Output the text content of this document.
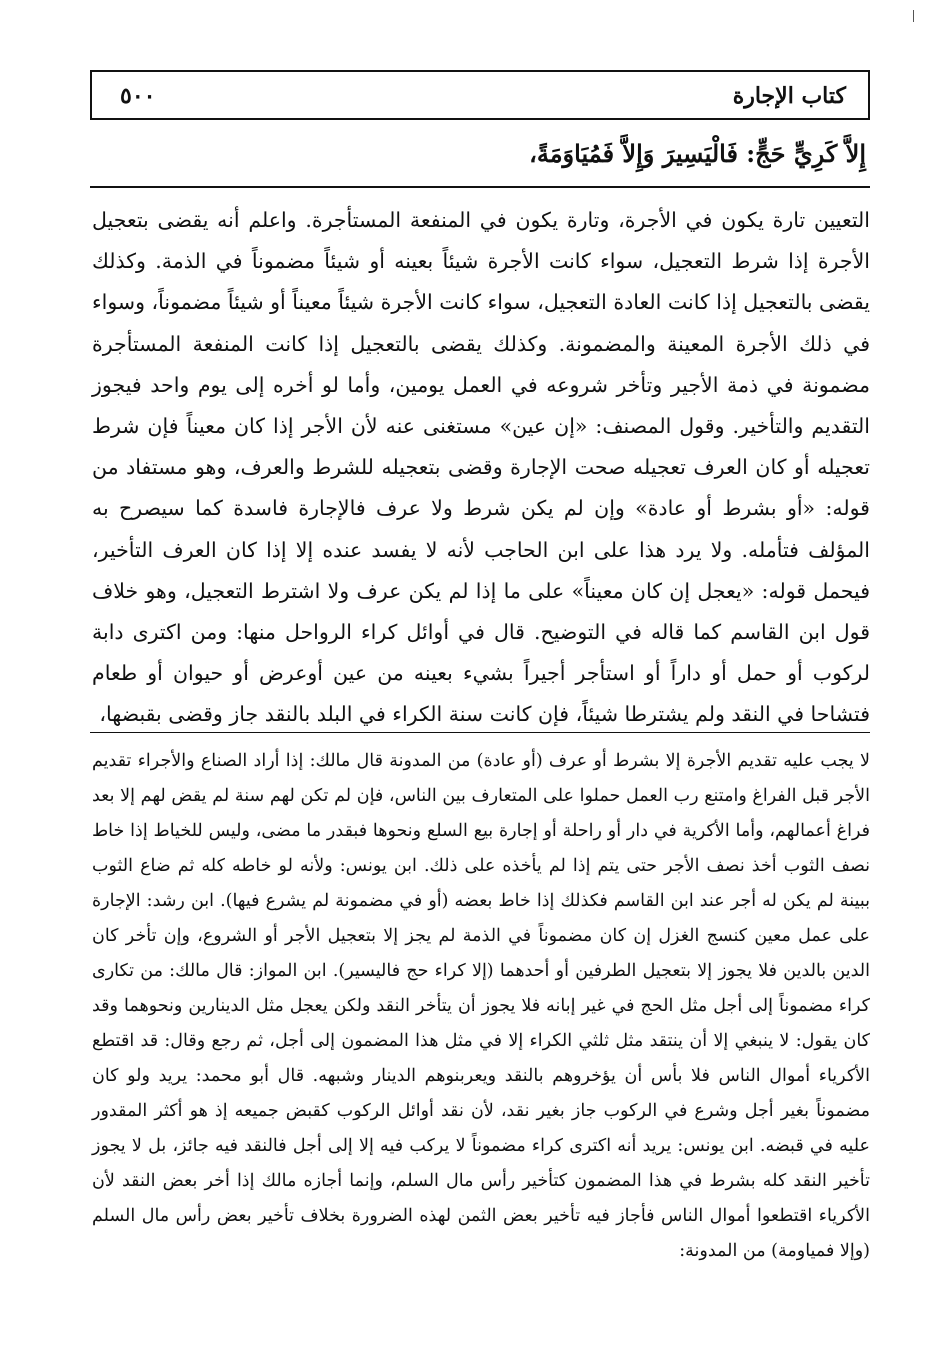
كتاب الإجارة
٥٠٠
إِلاَّ كَرِيٍّ حَجٍّ: فَالْيَسِيرَ وَإِلاَّ فَمُيَاوَمَةً،

التعيين تارة يكون في الأجرة، وتارة يكون في المنفعة المستأجرة. واعلم أنه يقضى بتعجيل الأجرة إذا شرط التعجيل، سواء كانت الأجرة شيئاً بعينه أو شيئاً مضموناً في الذمة. وكذلك يقضى بالتعجيل إذا كانت العادة التعجيل، سواء كانت الأجرة شيئاً معيناً أو شيئاً مضموناً، وسواء في ذلك الأجرة المعينة والمضمونة. وكذلك يقضى بالتعجيل إذا كانت المنفعة المستأجرة مضمونة في ذمة الأجير وتأخر شروعه في العمل يومين، وأما لو أخره إلى يوم واحد فيجوز التقديم والتأخير. وقول المصنف: «إن عين» مستغنى عنه لأن الأجر إذا كان معيناً فإن شرط تعجيله أو كان العرف تعجيله صحت الإجارة وقضى بتعجيله للشرط والعرف، وهو مستفاد من قوله: «أو بشرط أو عادة» وإن لم يكن شرط ولا عرف فالإجارة فاسدة كما سيصرح به المؤلف فتأمله. ولا يرد هذا على ابن الحاجب لأنه لا يفسد عنده إلا إذا كان العرف التأخير، فيحمل قوله: «يعجل إن كان معيناً» على ما إذا لم يكن عرف ولا اشترط التعجيل، وهو خلاف قول ابن القاسم كما قاله في التوضيح. قال في أوائل كراء الرواحل منها: ومن اكترى دابة لركوب أو حمل أو داراً أو استأجر أجيراً بشيء بعينه من عين أوعرض أو حيوان أو طعام فتشاحا في النقد ولم يشترطا شيئاً، فإن كانت سنة الكراء في البلد بالنقد جاز وقضى بقبضها،

لا يجب عليه تقديم الأجرة إلا بشرط أو عرف (أو عادة) من المدونة قال مالك: إذا أراد الصناع والأجراء تقديم الأجر قبل الفراغ وامتنع رب العمل حملوا على المتعارف بين الناس، فإن لم تكن لهم سنة لم يقض لهم إلا بعد فراغ أعمالهم، وأما الأكرية في دار أو راحلة أو إجارة بيع السلع ونحوها فبقدر ما مضى، وليس للخياط إذا خاط نصف الثوب أخذ نصف الأجر حتى يتم إذا لم يأخذه على ذلك. ابن يونس: ولأنه لو خاطه كله ثم ضاع الثوب ببينة لم يكن له أجر عند ابن القاسم فكذلك إذا خاط بعضه (أو في مضمونة لم يشرع فيها). ابن رشد: الإجارة على عمل معين كنسج الغزل إن كان مضموناً في الذمة لم يجز إلا بتعجيل الأجر أو الشروع، وإن تأخر كان الدين بالدين فلا يجوز إلا بتعجيل الطرفين أو أحدهما (إلا كراء حج فاليسير). ابن المواز: قال مالك: من تكارى كراء مضموناً إلى أجل مثل الحج في غير إبانه فلا يجوز أن يتأخر النقد ولكن يعجل مثل الدينارين ونحوهما وقد كان يقول: لا ينبغي إلا أن ينتقد مثل ثلثي الكراء إلا في مثل هذا المضمون إلى أجل، ثم رجع وقال: قد اقتطع الأكرياء أموال الناس فلا بأس أن يؤخروهم بالنقد ويعربنوهم الدينار وشبهه. قال أبو محمد: يريد ولو كان مضموناً بغير أجل وشرع في الركوب جاز بغير نقد، لأن نقد أوائل الركوب كقبض جميعه إذ هو أكثر المقدور عليه في قبضه. ابن يونس: يريد أنه اكترى كراء مضموناً لا يركب فيه إلا إلى أجل فالنقد فيه جائز، بل لا يجوز تأخير النقد كله بشرط في هذا المضمون كتأخير رأس مال السلم، وإنما أجازه مالك إذا أخر بعض النقد لأن الأكرياء اقتطعوا أموال الناس فأجاز فيه تأخير بعض الثمن لهذه الضرورة بخلاف تأخير بعض رأس مال السلم (وإلا فمياومة) من المدونة:
